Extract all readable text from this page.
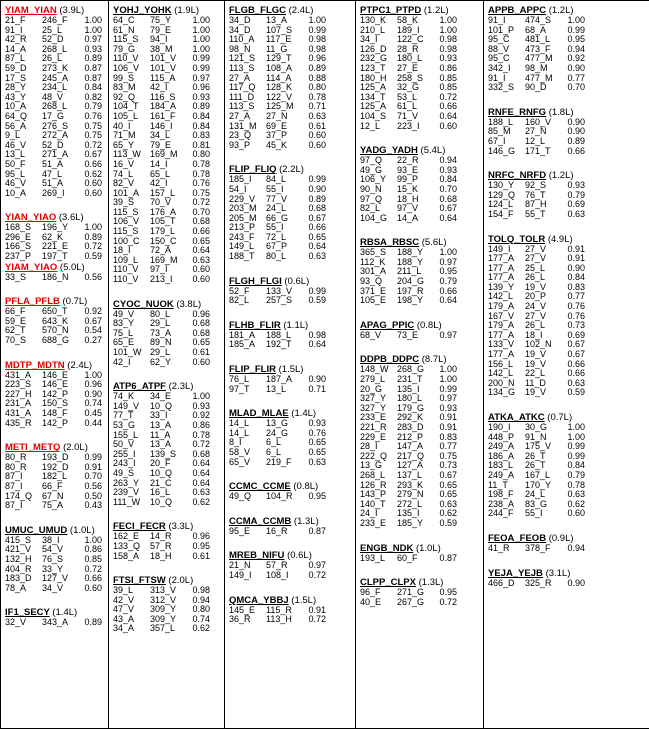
YIAM_YIAN (3.9L)
21_F	246_F	1.00
91_I	25_L	1.00
42_R	52_D	0.97
14_A	268_L	0.93
87_L	26_L	0.89
59_D	273_K	0.87
17_S	245_A	0.87
28_Y	234_L	0.84
43_Y	48_V	0.82
10_A	268_L	0.79
64_Q	17_G	0.76
56_A	276_S	0.75
9_L	272_A	0.75
46_V	52_D	0.72
13_L	271_A	0.67
50_F	51_A	0.66
95_L	47_L	0.62
46_V	51_A	0.60
10_A	269_I	0.60
YIAN_YIAO (3.6L)
168_S	196_Y	1.00
296_E	62_K	0.89
166_S	221_E	0.72
237_P	197_T	0.59
YIAM_YIAO (5.0L)
33_S	186_N	0.56
PFLA_PFLB (0.7L)
66_F	650_T	0.92
59_E	643_K	0.67
62_T	570_N	0.54
70_S	688_G	0.27
MDTP_MDTN (2.4L)
431_A	146_E	1.00
223_S	146_E	0.96
227_H	142_P	0.90
231_A	150_S	0.74
431_A	148_F	0.45
435_R	142_P	0.44
METI_METQ (2.0L)
80_R	193_D	0.99
80_R	192_D	0.91
87_I	182_L	0.70
87_I	66_F	0.56
174_Q	67_N	0.50
87_I	75_A	0.43
UMUC_UMUD (1.0L)
415_S	38_I	1.00
421_V	54_V	0.86
132_H	76_S	0.85
404_R	33_Y	0.72
183_D	127_V	0.66
78_A	34_V	0.60
IF1_SECY (1.4L)
32_V	343_A	0.89
YOHJ_YOHK (1.9L)
64_C	75_Y	1.00
61_N	79_E	1.00
115_S	94_I	1.00
79_G	38_M	1.00
110_V	101_V	0.99
106_V	101_V	0.99
99_S	115_A	0.97
83_M	42_I	0.96
92_Q	116_S	0.93
104_T	184_A	0.89
105_L	161_F	0.84
40_I	146_I	0.84
71_M	34_L	0.83
65_Y	79_E	0.81
113_W	169_M	0.80
16_V	14_I	0.78
74_L	65_L	0.78
82_V	42_I	0.76
101_A	157_L	0.75
39_S	70_V	0.72
115_S	176_A	0.70
106_V	105_T	0.68
115_S	179_L	0.66
100_C	150_C	0.65
18_I	72_A	0.64
109_L	169_M	0.63
110_V	97_I	0.60
110_V	213_I	0.60
CYOC_NUOK (3.8L)
49_V	80_L	0.96
83_Y	29_L	0.68
75_L	73_A	0.68
65_E	89_N	0.65
101_W 29_L	0.61
42_I	62_Y	0.60
ATP6_ATPF (2.3L)
74_K	34_E	1.00
149_V	10_Q	0.93
77_T	33_I	0.92
53_G	13_A	0.86
155_L	11_A	0.78
50_V	13_A	0.72
255_I	139_S	0.68
243_I	20_F	0.64
49_S	10_Q	0.64
263_Y	21_C	0.64
239_V	16_L	0.63
111_W	10_Q	0.62
FECI_FECR (3.3L)
162_E	14_R	0.96
133_Q	57_R	0.95
158_A	18_H	0.61
FTSI_FTSW (2.0L)
39_L	313_V	0.98
42_V	312_V	0.94
47_V	309_Y	0.80
43_A	309_Y	0.74
34_A	357_L	0.62
FLGB_FLGC (2.4L)
34_D	13_A	1.00
34_D	107_S	0.99
110_A	117_E	0.98
98_N	11_G	0.98
121_S	129_T	0.96
113_S	108_A	0.89
27_A	114_A	0.88
117_Q	128_K	0.80
111_D	122_V	0.78
113_S	125_M	0.71
27_A	27_N	0.63
131_M	69_E	0.61
23_Q	37_P	0.60
93_P	45_K	0.60
FLIP_FLIQ (2.2L)
185_I	84_L	0.99
54_I	55_I	0.90
229_V	77_V	0.89
203_M	24_L	0.68
205_M	66_G	0.67
213_P	55_I	0.66
243_F	72_L	0.65
149_L	67_P	0.64
188_T	80_L	0.63
FLGH_FLGI (0.6L)
52_F	133_V	0.99
82_L	257_S	0.59
FLHB_FLIR (1.1L)
181_A	188_L	0.98
185_A	192_T	0.64
FLIP_FLIR (1.5L)
76_L	187_A	0.90
97_T	13_L	0.71
MLAD_MLAE (1.4L)
14_L	13_G	0.93
14_L	24_G	0.76
8_I	6_L	0.65
58_V	6_L	0.65
65_V	219_F	0.63
CCMC_CCME (0.8L)
49_Q	104_R	0.95
CCMA_CCMB (1.3L)
95_E	16_R	0.87
MREB_NIFU (0.6L)
21_N	57_R	0.97
149_I	108_I	0.72
QMCA_YBBJ (1.5L)
145_E	115_R	0.91
36_R	113_H	0.72
PTPC1_PTPD (1.2L)
130_K	58_K	1.00
210_L	189_I	1.00
34_I	122_C	0.98
126_D	28_R	0.98
232_G	180_L	0.93
123_T	27_E	0.86
180_H	258_S	0.85
125_A	32_G	0.85
134_T	53_L	0.72
125_A	61_L	0.66
104_S	71_V	0.64
12_L	223_I	0.60
YADG_YADH (5.4L)
97_Q	22_R	0.94
49_G	93_E	0.93
106_Y	99_P	0.84
90_N	15_K	0.70
97_Q	18_H	0.68
82_L	97_V	0.67
104_G	14_A	0.64
RBSA_RBSC (5.6L)
365_S	188_Y	1.00
112_K	188_Y	0.97
301_A	211_L	0.95
93_Q	204_G	0.79
371_E	197_R	0.66
105_E	198_Y	0.64
APAG_PPIC (0.8L)
68_V	73_E	0.97
DDPB_DDPC (8.7L)
148_W 268_G	1.00
279_L	231_T	1.00
20_G	135_I	0.99
327_Y	180_L	0.97
327_Y	179_G	0.93
233_E	292_K	0.91
221_R	283_D	0.91
229_E	212_P	0.83
28_I	147_A	0.77
222_Q	217_Q	0.75
13_G	127_A	0.73
268_L	137_L	0.67
126_R	293_K	0.65
143_P	279_N	0.65
140_T	272_L	0.63
24_I	135_I	0.62
233_E	185_Y	0.59
ENGB_NDK (1.0L)
193_L	60_F	0.87
CLPP_CLPX (1.3L)
96_F	271_G	0.95
40_E	267_G	0.72
APPB_APPC (1.2L)
91_I	474_S	1.00
101_P	68_A	0.99
95_C	481_L	0.95
88_V	473_F	0.94
95_C	477_M	0.92
342_I	98_M	0.90
91_I	477_M	0.77
332_S	90_D	0.70
RNFE_RNFG (1.8L)
188_L	160_V	0.90
85_M	27_N	0.90
67_I	12_L	0.89
146_G	171_T	0.66
NRFC_NRFD (1.2L)
130_Y	92_S	0.93
129_Q	76_T	0.79
124_L	87_H	0.69
154_F	55_T	0.63
TOLQ_TOLR (4.9L)
149_I	27_V	0.91
177_A	27_V	0.91
177_A	25_L	0.90
177_A	26_L	0.84
139_Y	19_V	0.83
142_L	20_P	0.77
179_A	24_V	0.76
167_V	27_V	0.76
179_A	26_L	0.73
177_A	18_I	0.69
133_V	102_N	0.67
177_A	19_V	0.67
156_L	19_V	0.66
142_L	22_L	0.66
200_N	11_D	0.63
134_G	19_V	0.59
ATKA_ATKC (0.7L)
190_I	30_G	1.00
448_P	91_N	1.00
249_A	175_V	0.99
186_A	26_T	0.99
183_L	26_T	0.84
249_A	167_L	0.79
11_T	170_Y	0.78
198_F	24_L	0.63
238_A	83_G	0.62
244_F	55_I	0.60
FEOA_FEOB (0.9L)
41_R	378_F	0.94
YEJA_YEJB (3.1L)
466_D	325_R	0.90
